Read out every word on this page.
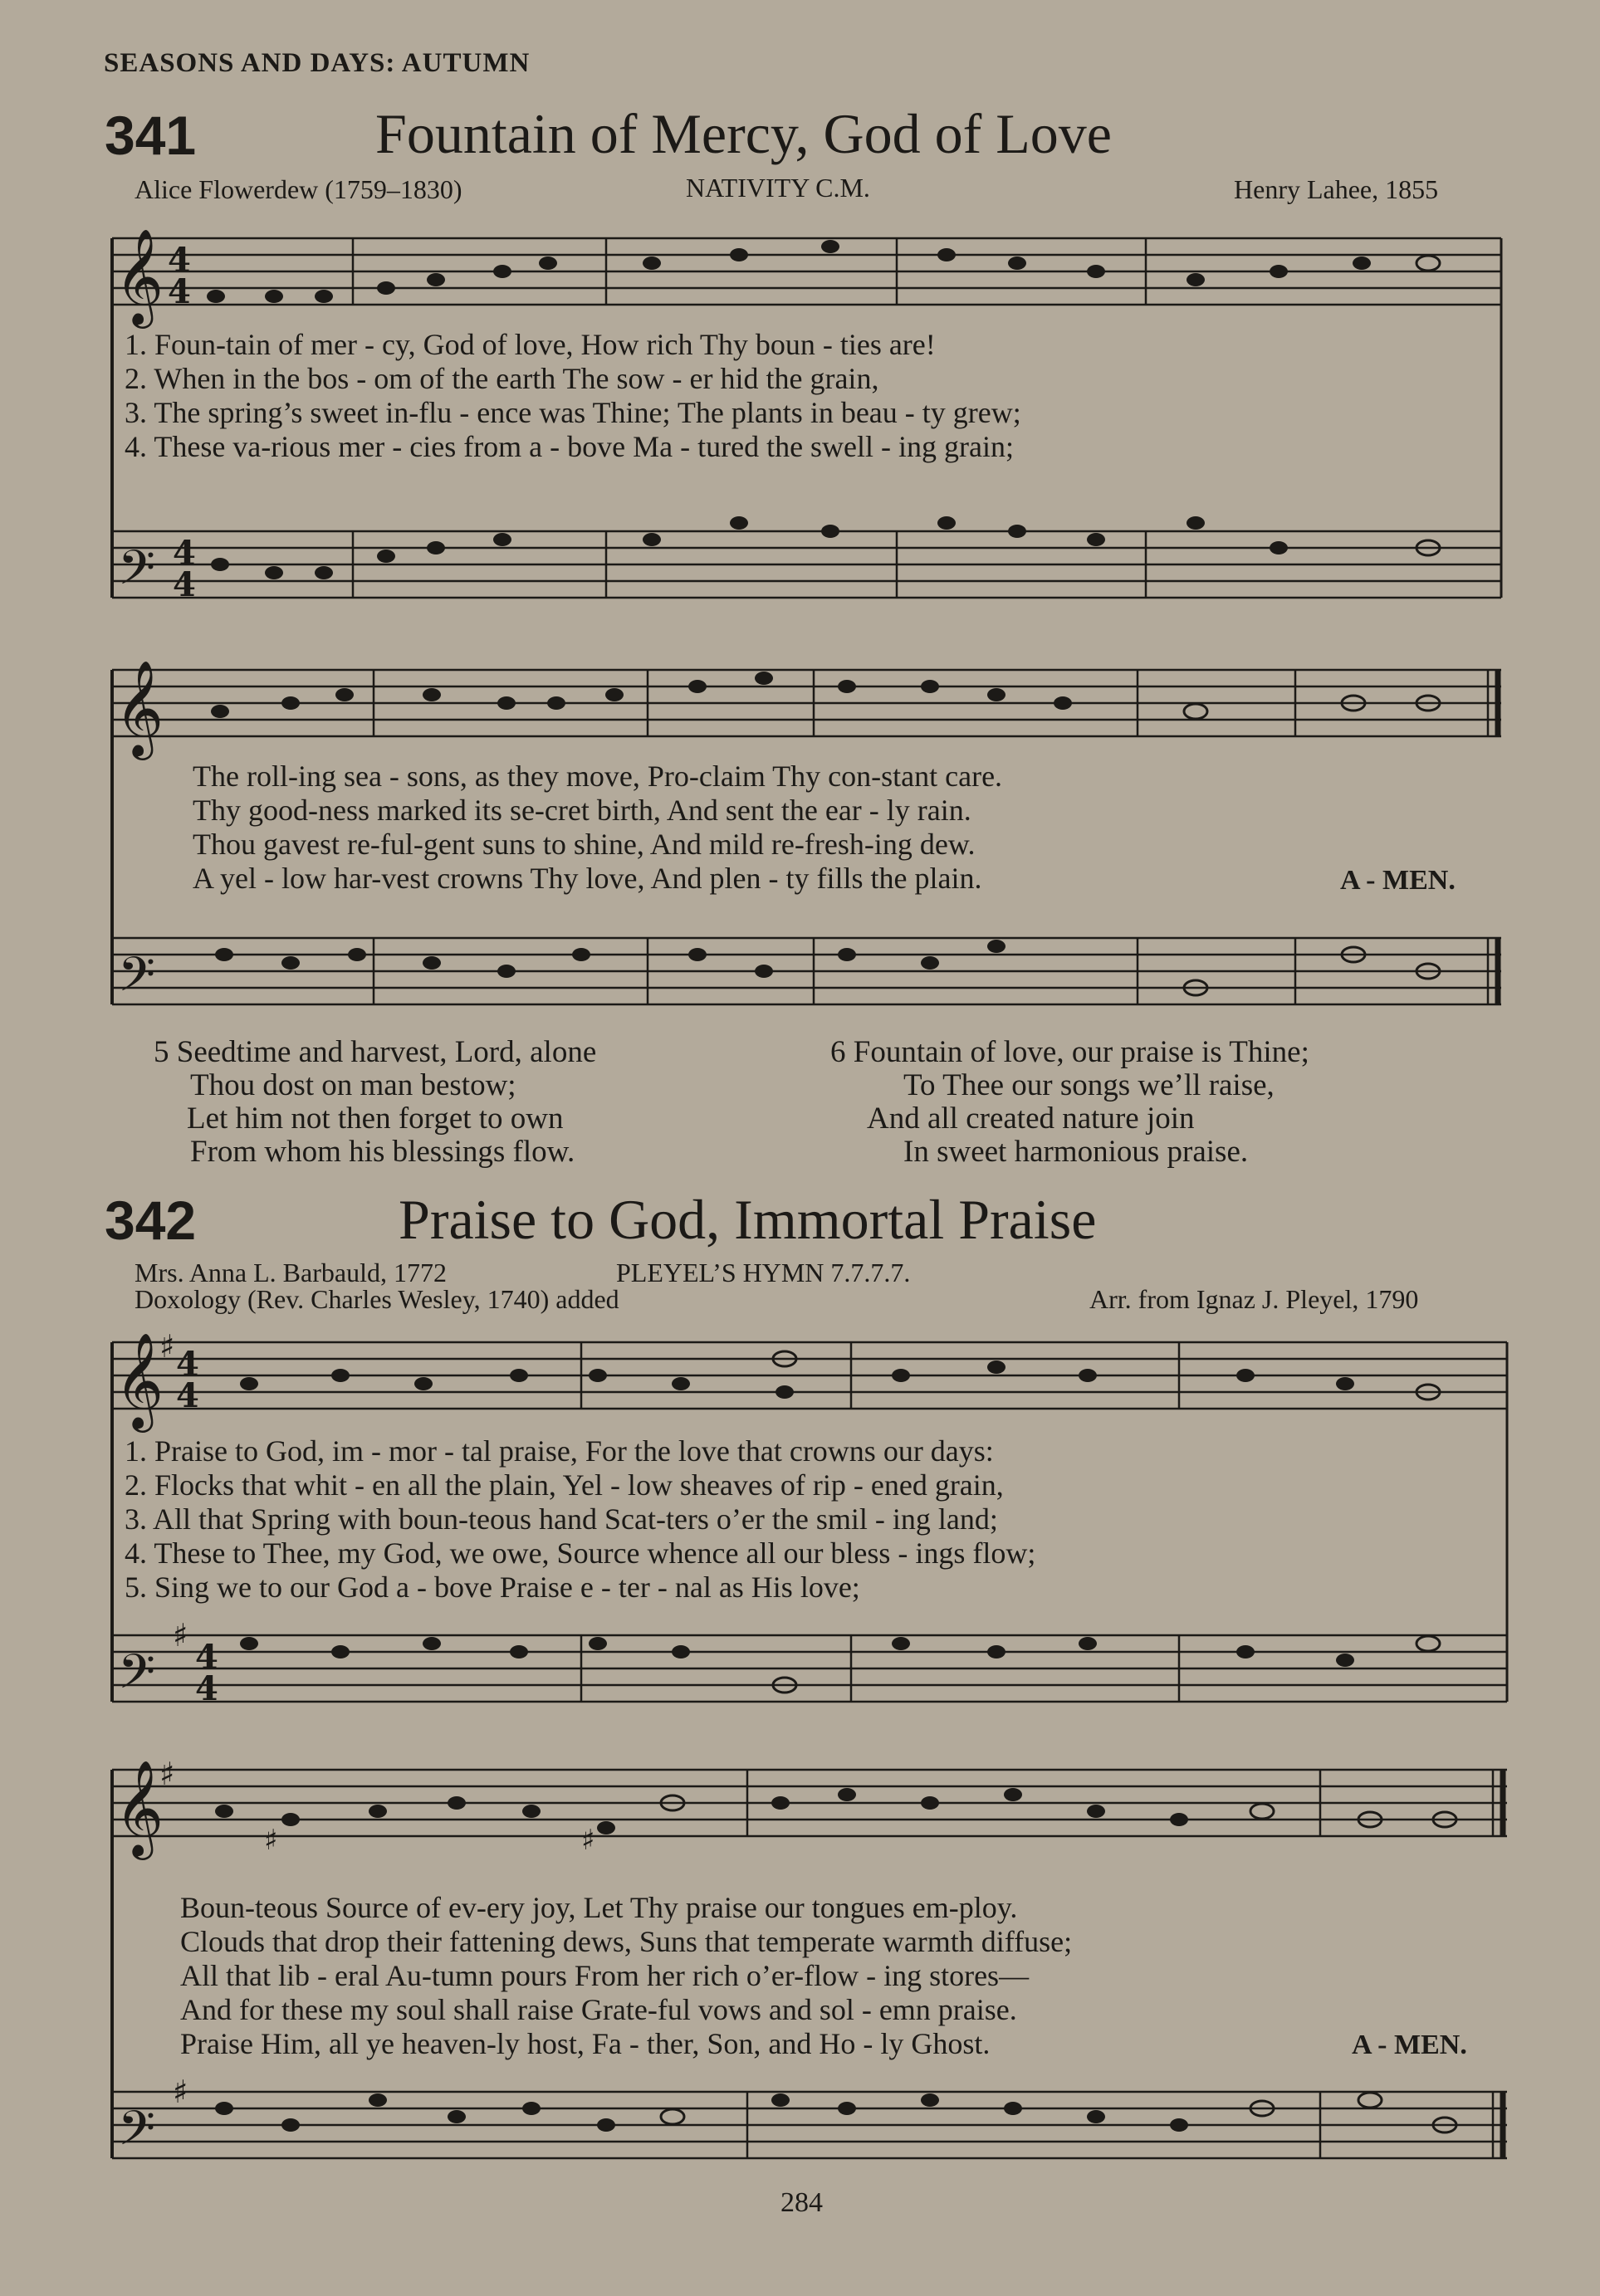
SEASONS AND DAYS: AUTUMN
341	Fountain of Mercy, God of Love
Alice Flowerdew (1759–1830)	NATIVITY C.M.	Henry Lahee, 1855
𝄞
𝄢
4
4
4
4
1. Foun-tain of mer - cy, God of love, How rich Thy boun - ties are!
2. When in the bos - om of the earth The sow - er hid the grain,
3. The spring’s sweet in-flu - ence was Thine; The plants in beau - ty grew;
4. These va-rious mer - cies from a - bove Ma - tured the swell - ing grain;
𝄞
𝄢
The roll-ing sea - sons, as they move, Pro-claim Thy con-stant care.
Thy good-ness marked its se-cret birth, And sent the ear - ly rain.
Thou gavest re-ful-gent suns to shine, And mild re-fresh-ing dew.
A yel - low har-vest crowns Thy love, And plen - ty fills the plain.	A - MEN.
5 Seedtime and harvest, Lord, alone
Thou dost on man bestow;
Let him not then forget to own
From whom his blessings flow.
6 Fountain of love, our praise is Thine;
To Thee our songs we’ll raise,
And all created nature join
In sweet harmonious praise.
342	Praise to God, Immortal Praise
Mrs. Anna L. Barbauld, 1772	PLEYEL’S HYMN 7.7.7.7.
Doxology (Rev. Charles Wesley, 1740) added	Arr. from Ignaz J. Pleyel, 1790
𝄞
𝄢
♯
♯
4
4
4
4
1. Praise to God, im - mor - tal praise, For the love that crowns our days:
2. Flocks that whit - en all the plain, Yel - low sheaves of rip - ened grain,
3. All that Spring with boun-teous hand Scat-ters o’er the smil - ing land;
4. These to Thee, my God, we owe, Source whence all our bless - ings flow;
5. Sing we to our God a - bove Praise e - ter - nal as His love;
𝄞
𝄢
♯
♯
♯	♯
Boun-teous Source of ev-ery joy, Let Thy praise our tongues em-ploy.
Clouds that drop their fattening dews, Suns that temperate warmth diffuse;
All that lib - eral Au-tumn pours From her rich o’er-flow - ing stores—
And for these my soul shall raise Grate-ful vows and sol - emn praise.
Praise Him, all ye heaven-ly host, Fa - ther, Son, and Ho - ly Ghost.	A - MEN.
284
